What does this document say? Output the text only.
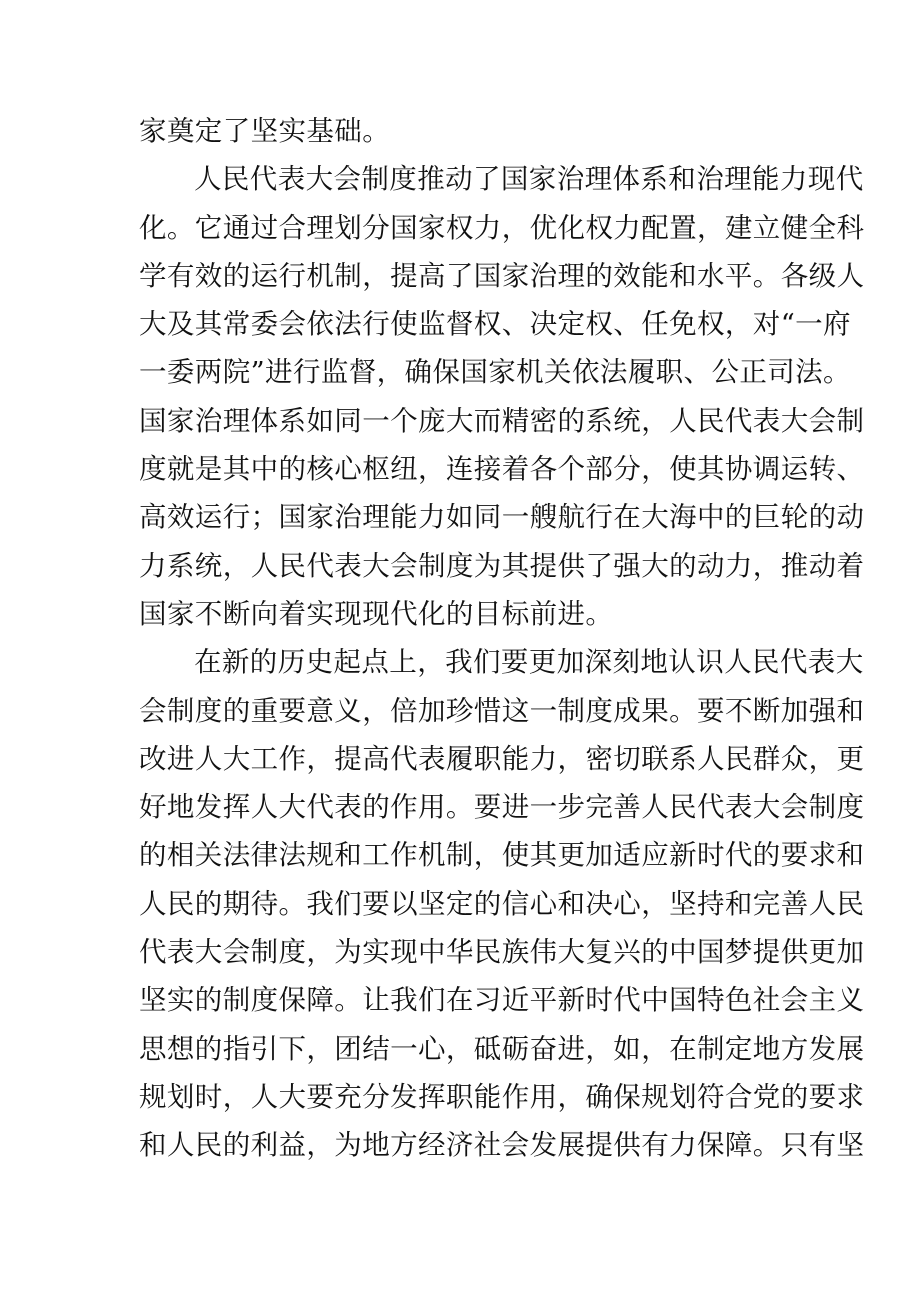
家奠定了坚实基础。
人民代表大会制度推动了国家治理体系和治理能力现代
化。它通过合理划分国家权力，优化权力配置，建立健全科
学有效的运行机制，提高了国家治理的效能和水平。各级人
大及其常委会依法行使监督权、决定权、任免权，对“一府
一委两院”进行监督，确保国家机关依法履职、公正司法。
国家治理体系如同一个庞大而精密的系统，人民代表大会制
度就是其中的核心枢纽，连接着各个部分，使其协调运转、
高效运行；国家治理能力如同一艘航行在大海中的巨轮的动
力系统，人民代表大会制度为其提供了强大的动力，推动着
国家不断向着实现现代化的目标前进。
在新的历史起点上，我们要更加深刻地认识人民代表大
会制度的重要意义，倍加珍惜这一制度成果。要不断加强和
改进人大工作，提高代表履职能力，密切联系人民群众，更
好地发挥人大代表的作用。要进一步完善人民代表大会制度
的相关法律法规和工作机制，使其更加适应新时代的要求和
人民的期待。我们要以坚定的信心和决心，坚持和完善人民
代表大会制度，为实现中华民族伟大复兴的中国梦提供更加
坚实的制度保障。让我们在习近平新时代中国特色社会主义
思想的指引下，团结一心，砥砺奋进，如，在制定地方发展
规划时，人大要充分发挥职能作用，确保规划符合党的要求
和人民的利益，为地方经济社会发展提供有力保障。只有坚
